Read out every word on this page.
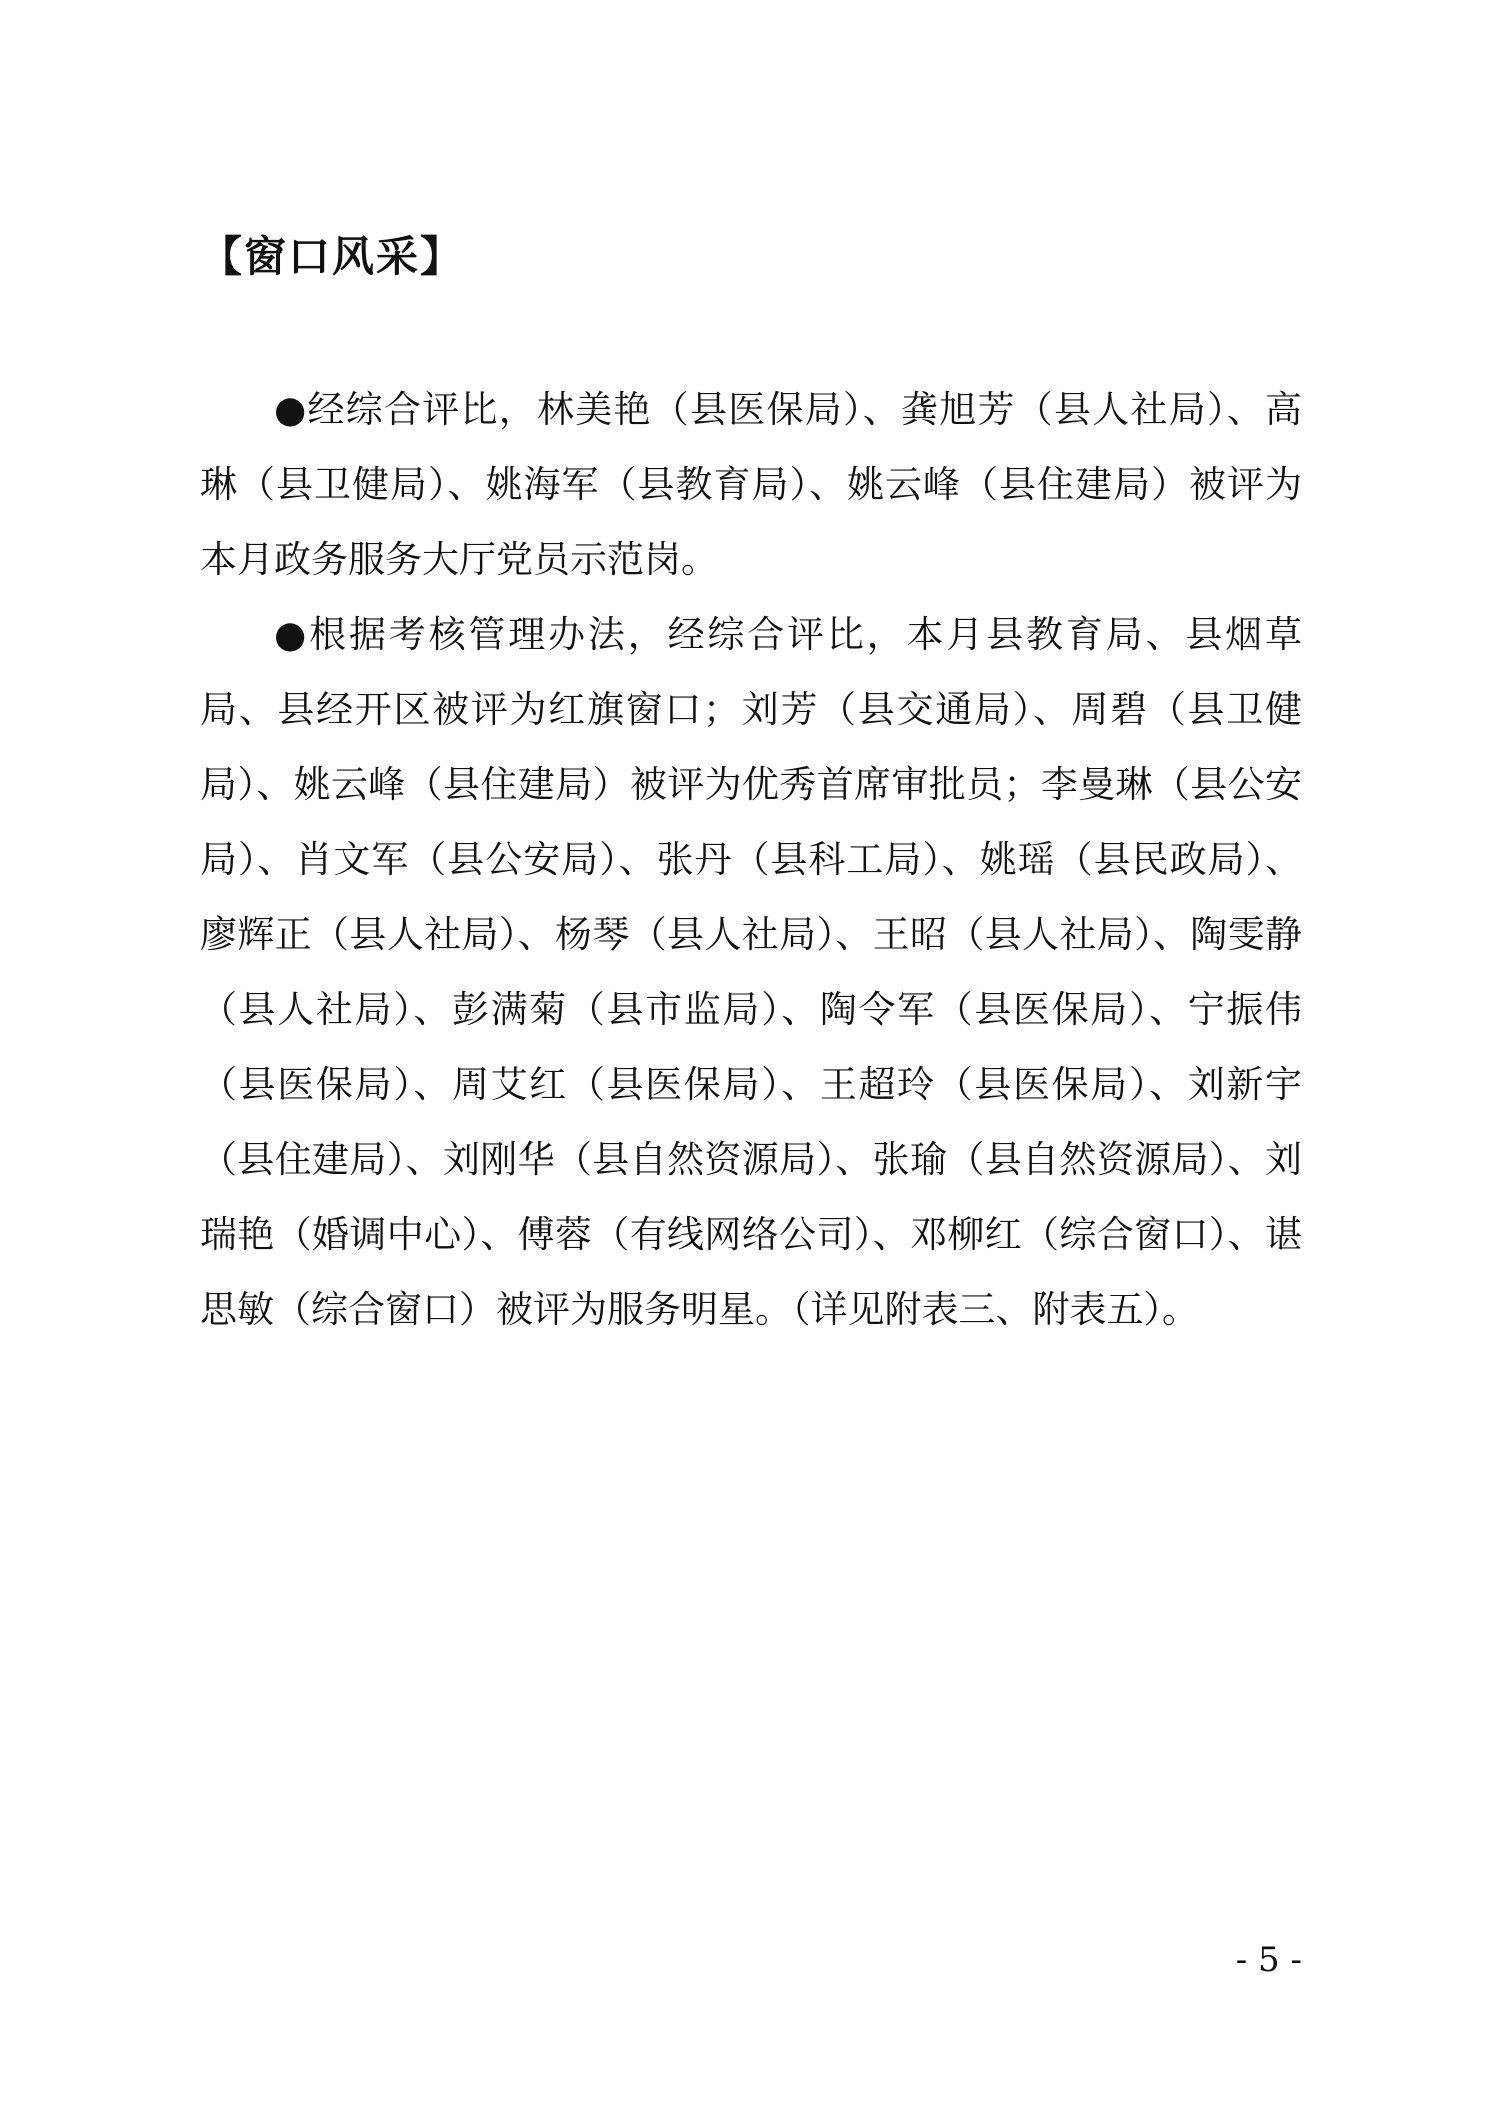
【窗口风采】

●经综合评比，林美艳（县医保局）、龚旭芳（县人社局）、高琳（县卫健局）、姚海军（县教育局）、姚云峰（县住建局）被评为本月政务服务大厅党员示范岗。

●根据考核管理办法，经综合评比，本月县教育局、县烟草局、县经开区被评为红旗窗口；刘芳（县交通局）、周碧（县卫健局）、姚云峰（县住建局）被评为优秀首席审批员；李曼琳（县公安局）、肖文军（县公安局）、张丹（县科工局）、姚瑶（县民政局）、廖辉正（县人社局）、杨琴（县人社局）、王昭（县人社局）、陶雯静（县人社局）、彭满菊（县市监局）、陶令军（县医保局）、宁振伟（县医保局）、周艾红（县医保局）、王超玲（县医保局）、刘新宇（县住建局）、刘刚华（县自然资源局）、张瑜（县自然资源局）、刘瑞艳（婚调中心）、傅蓉（有线网络公司）、邓柳红（综合窗口）、谌思敏（综合窗口）被评为服务明星。（详见附表三、附表五）。

- 5 -
